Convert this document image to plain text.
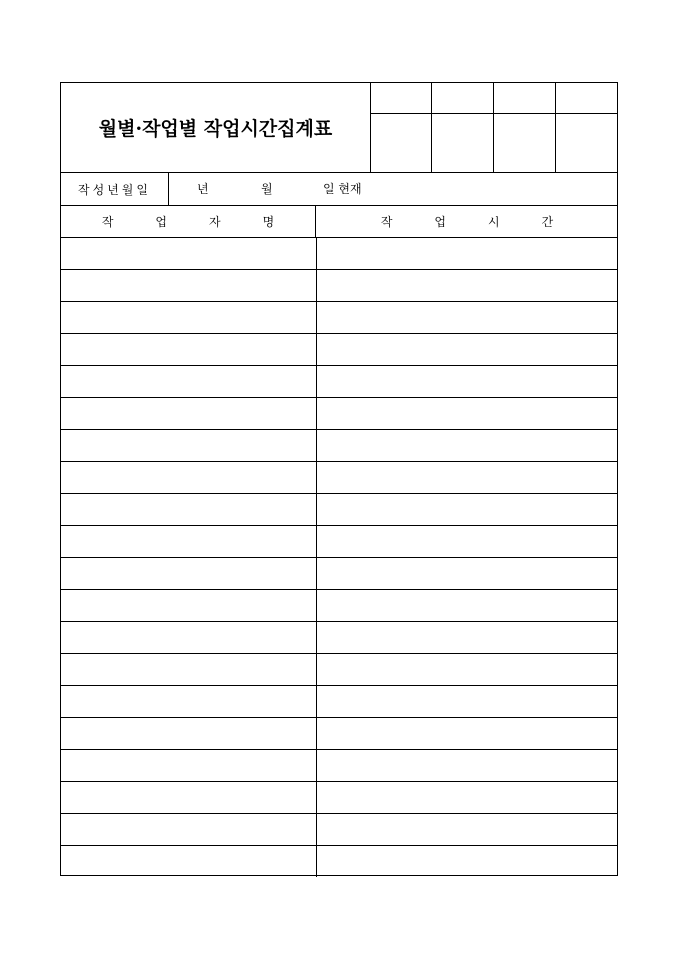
월별·작업별 작업시간집계표
작성년월일	년	월	일 현재
작업자명	작업시간
